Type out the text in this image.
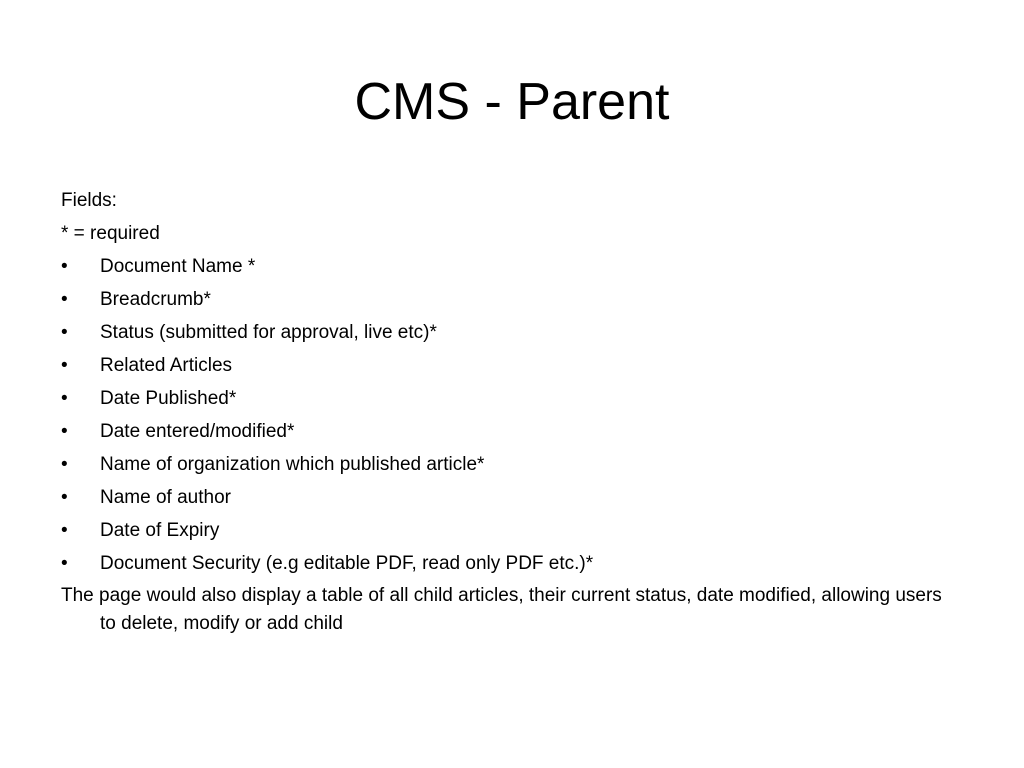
CMS - Parent
Fields:
* = required
•	Document Name *
•	Breadcrumb*
•	Status (submitted for approval, live etc)*
•	Related Articles
•	Date Published*
•	Date entered/modified*
•	Name of organization which published article*
•	Name of author
•	Date of Expiry
•	Document Security (e.g editable PDF, read only PDF etc.)*
The page would also display a table of all child articles, their current status, date modified, allowing users to delete, modify or add child
